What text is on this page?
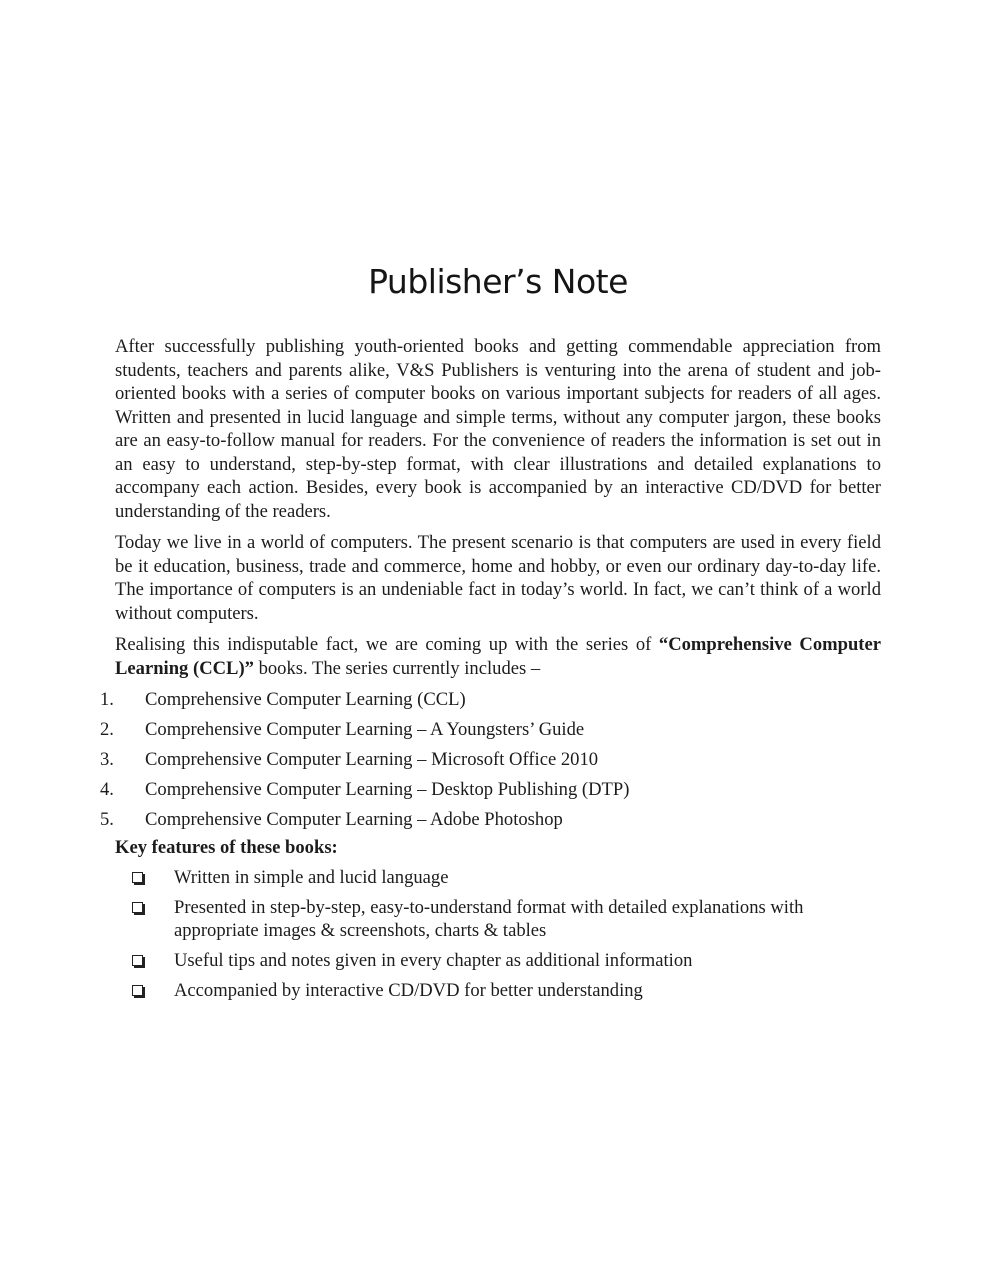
Publisher’s Note

After successfully publishing youth-oriented books and getting commendable appreciation from students, teachers and parents alike, V&S Publishers is venturing into the arena of student and job-oriented books with a series of computer books on various important subjects for readers of all ages. Written and presented in lucid language and simple terms, without any computer jargon, these books are an easy-to-follow manual for readers. For the convenience of readers the information is set out in an easy to understand, step-by-step format, with clear illustrations and detailed explanations to accompany each action. Besides, every book is accompanied by an interactive CD/DVD for better understanding of the readers.

Today we live in a world of computers. The present scenario is that computers are used in every field be it education, business, trade and commerce, home and hobby, or even our ordinary day-to-day life. The importance of computers is an undeniable fact in today’s world. In fact, we can’t think of a world without computers.

Realising this indisputable fact, we are coming up with the series of “Comprehensive Computer Learning (CCL)” books. The series currently includes –

1.	Comprehensive Computer Learning (CCL)
2.	Comprehensive Computer Learning – A Youngsters’ Guide
3.	Comprehensive Computer Learning – Microsoft Office 2010
4.	Comprehensive Computer Learning – Desktop Publishing (DTP)
5.	Comprehensive Computer Learning – Adobe Photoshop
Key features of these books:
Written in simple and lucid language
Presented in step-by-step, easy-to-understand format with detailed explanations with appropriate images & screenshots, charts & tables
Useful tips and notes given in every chapter as additional information
Accompanied by interactive CD/DVD for better understanding
